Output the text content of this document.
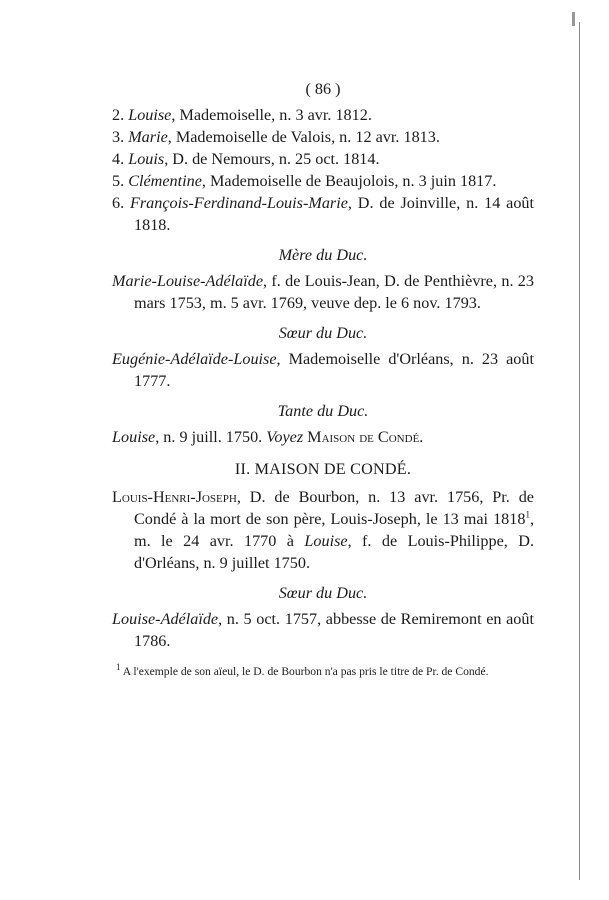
( 86 )

2. Louise, Mademoiselle, n. 3 avr. 1812.

3. Marie, Mademoiselle de Valois, n. 12 avr. 1813.

4. Louis, D. de Nemours, n. 25 oct. 1814.

5. Clémentine, Mademoiselle de Beaujolois, n. 3 juin 1817.

6. François-Ferdinand-Louis-Marie, D. de Joinville, n. 14 août 1818.

Mère du Duc.

Marie-Louise-Adélaïde, f. de Louis-Jean, D. de Penthièvre, n. 23 mars 1753, m. 5 avr. 1769, veuve dep. le 6 nov. 1793.

Sœur du Duc.

Eugénie-Adélaïde-Louise, Mademoiselle d'Orléans, n. 23 août 1777.

Tante du Duc.

Louise, n. 9 juill. 1750. Voyez Maison de Condé.

II. MAISON DE CONDÉ.

Louis-Henri-Joseph, D. de Bourbon, n. 13 avr. 1756, Pr. de Condé à la mort de son père, Louis-Joseph, le 13 mai 1818$^1$, m. le 24 avr. 1770 à Louise, f. de Louis-Philippe, D. d'Orléans, n. 9 juillet 1750.

Sœur du Duc.

Louise-Adélaïde, n. 5 oct. 1757, abbesse de Remiremont en août 1786.

$^1$ A l'exemple de son aïeul, le D. de Bourbon n'a pas pris le titre de Pr. de Condé.
